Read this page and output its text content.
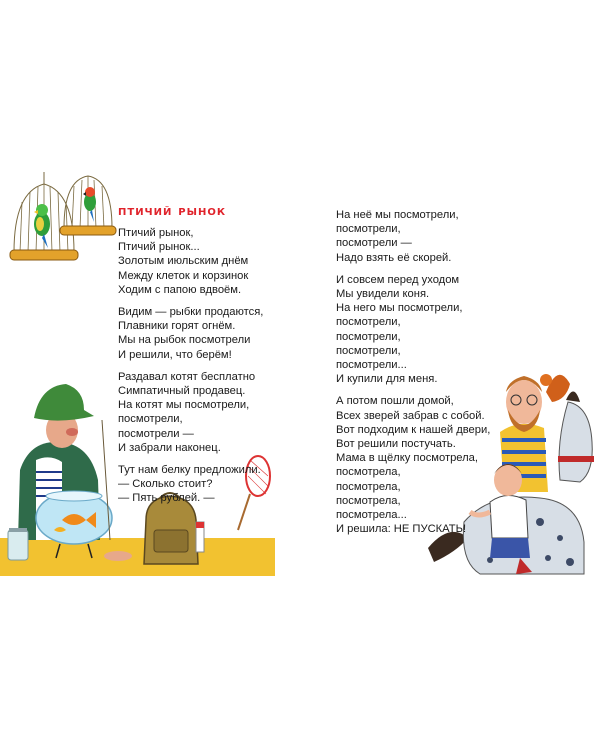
птичий рынок
Птичий рынок,
Птичий рынок...
Золотым июльским днём
Между клеток и корзинок
Ходим с папою вдвоём.
Видим — рыбки продаются,
Плавники горят огнём.
Мы на рыбок посмотрели
И решили, что берём!
Раздавал котят бесплатно
Симпатичный продавец.
На котят мы посмотрели,
посмотрели,
посмотрели —
И забрали наконец.
Тут нам белку предложили.
— Сколько стоит?
— Пять рублей. —
На неё мы посмотрели,
посмотрели,
посмотрели —
Надо взять её скорей.
И совсем перед уходом
Мы увидели коня.
На него мы посмотрели,
посмотрели,
посмотрели,
посмотрели,
посмотрели...
И купили для меня.
А потом пошли домой,
Всех зверей забрав с собой.
Вот подходим к нашей двери,
Вот решили постучать.
Мама в щёлку посмотрела,
посмотрела,
посмотрела,
посмотрела,
посмотрела...
И решила: НЕ ПУСКАТЬ!
